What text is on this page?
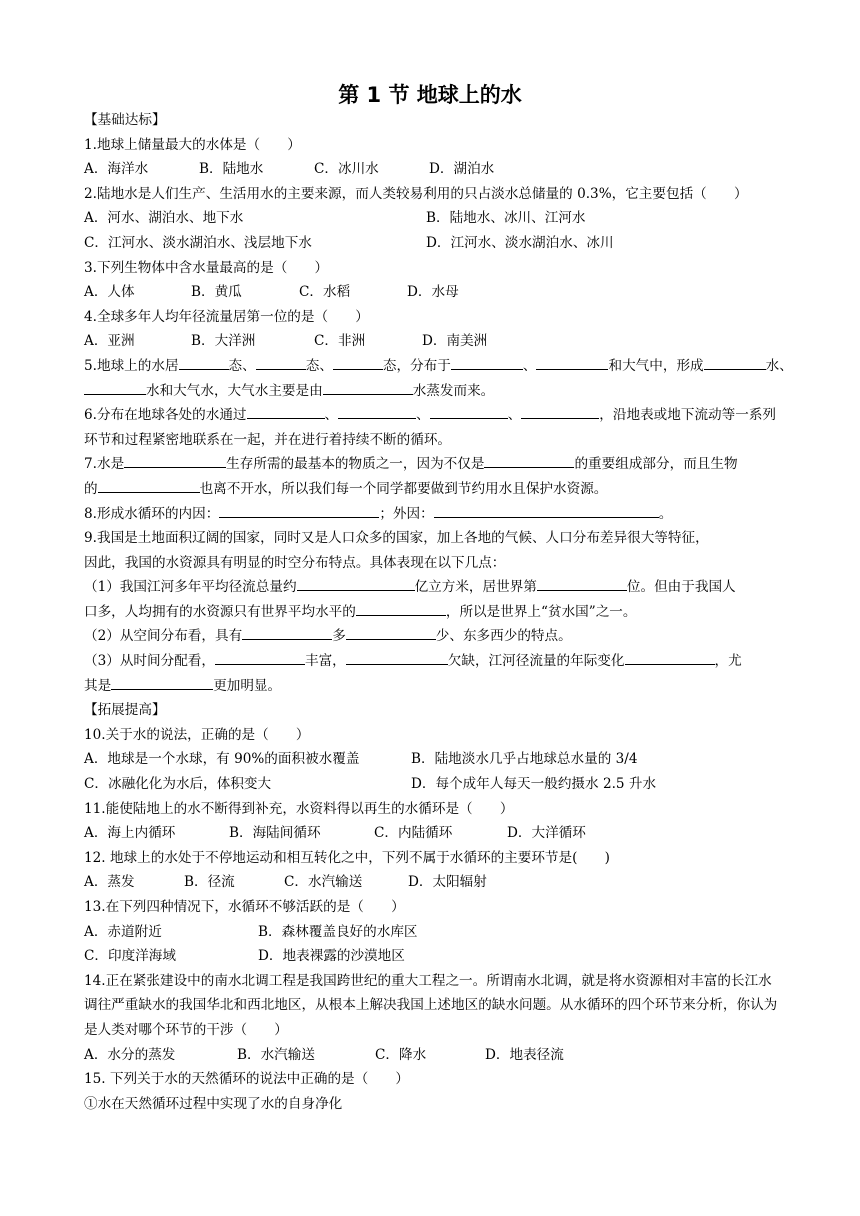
第 1 节 地球上的水
【基础达标】
1.地球上储量最大的水体是（　　）
A．海洋水	B．陆地水	C．冰川水	D．湖泊水
2.陆地水是人们生产、生活用水的主要来源，而人类较易利用的只占淡水总储量的 0.3%，它主要包括（　　）
A．河水、湖泊水、地下水	B．陆地水、冰川、江河水
C．江河水、淡水湖泊水、浅层地下水	D．江河水、淡水湖泊水、冰川
3.下列生物体中含水量最高的是（　　）
A．人体	B．黄瓜	C．水稻	D．水母
4.全球多年人均年径流量居第一位的是（　　）
A．亚洲	B．大洋洲	C．非洲	D．南美洲
5.地球上的水居	态、	态、	态，分布于	、	和大气中，形成	水、
水和大气水，大气水主要是由	水蒸发而来。
6.分布在地球各处的水通过	、	、	、	，沿地表或地下流动等一系列
环节和过程紧密地联系在一起，并在进行着持续不断的循环。
7.水是	生存所需的最基本的物质之一，因为不仅是	的重要组成部分，而且生物
的	也离不开水，所以我们每一个同学都要做到节约用水且保护水资源。
8.形成水循环的内因：	；外因：	。
9.我国是土地面积辽阔的国家，同时又是人口众多的国家，加上各地的气候、人口分布差异很大等特征，
因此，我国的水资源具有明显的时空分布特点。具体表现在以下几点：
（1）我国江河多年平均径流总量约	亿立方米，居世界第	位。但由于我国人
口多，人均拥有的水资源只有世界平均水平的	，所以是世界上“贫水国”之一。
（2）从空间分布看，具有	多	少、东多西少的特点。
（3）从时间分配看，	丰富，	欠缺，江河径流量的年际变化	，尤
其是	更加明显。
【拓展提高】
10.关于水的说法，正确的是（　　）
A．地球是一个水球，有 90%的面积被水覆盖	B．陆地淡水几乎占地球总水量的 3/4
C．冰融化化为水后，体积变大	D．每个成年人每天一般约摄水 2.5 升水
11.能使陆地上的水不断得到补充，水资料得以再生的水循环是（　　）
A．海上内循环	B．海陆间循环	C．内陆循环	D．大洋循环
12. 地球上的水处于不停地运动和相互转化之中，下列不属于水循环的主要环节是(　　)
A．蒸发	B．径流	C．水汽输送	D．太阳辐射
13.在下列四种情况下，水循环不够活跃的是（　　）
A．赤道附近	B．森林覆盖良好的水库区
C．印度洋海域	D．地表裸露的沙漠地区
14.正在紧张建设中的南水北调工程是我国跨世纪的重大工程之一。所谓南水北调，就是将水资源相对丰富的长江水调往严重缺水的我国华北和西北地区，从根本上解决我国上述地区的缺水问题。从水循环的四个环节来分析，你认为是人类对哪个环节的干涉（　　）
A．水分的蒸发	B．水汽输送	C．降水	D．地表径流
15. 下列关于水的天然循环的说法中正确的是（　　）
①水在天然循环过程中实现了水的自身净化
